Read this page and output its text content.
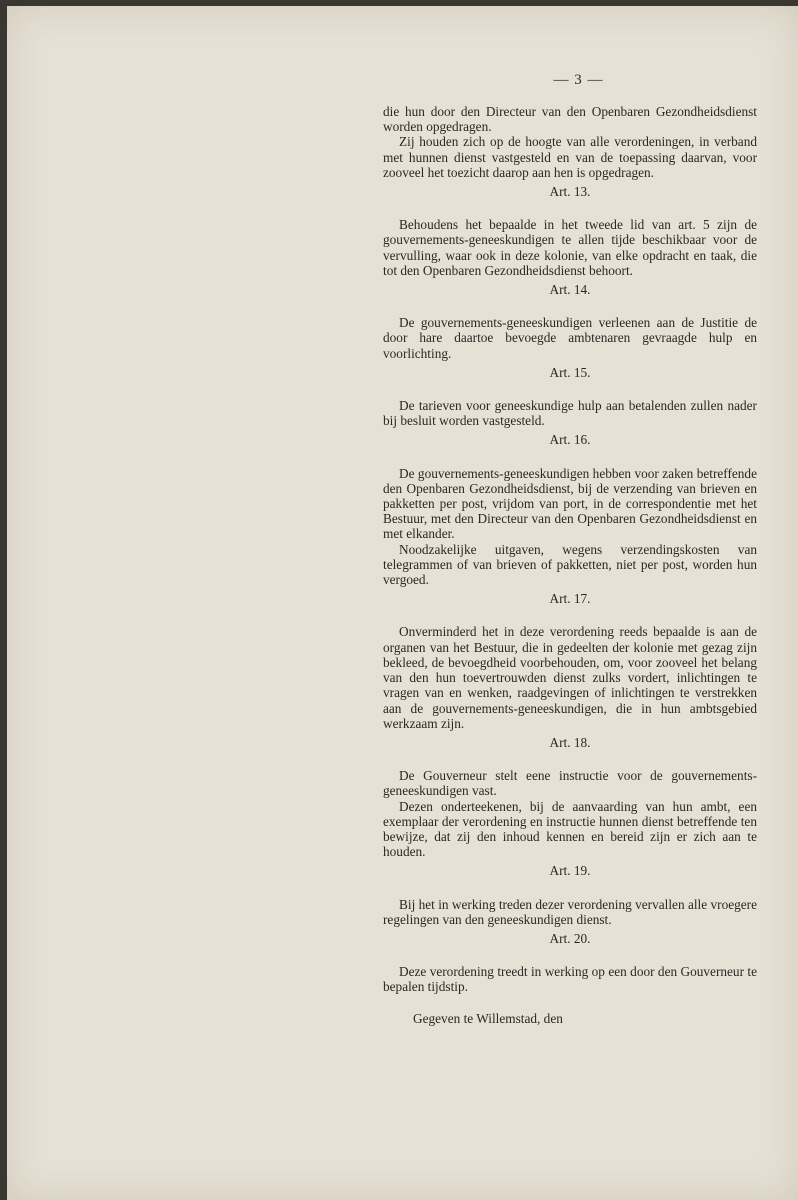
— 3 —

die hun door den Directeur van den Openbaren Gezondheidsdienst worden opgedragen.

Zij houden zich op de hoogte van alle verordeningen, in verband met hunnen dienst vastgesteld en van de toepassing daarvan, voor zooveel het toezicht daarop aan hen is opgedragen.

Art. 13.

Behoudens het bepaalde in het tweede lid van art. 5 zijn de gouvernements-geneeskundigen te allen tijde beschikbaar voor de vervulling, waar ook in deze kolonie, van elke opdracht en taak, die tot den Openbaren Gezondheidsdienst behoort.

Art. 14.

De gouvernements-geneeskundigen verleenen aan de Justitie de door hare daartoe bevoegde ambtenaren gevraagde hulp en voorlichting.

Art. 15.

De tarieven voor geneeskundige hulp aan betalenden zullen nader bij besluit worden vastgesteld.

Art. 16.

De gouvernements-geneeskundigen hebben voor zaken betreffende den Openbaren Gezondheidsdienst, bij de verzending van brieven en pakketten per post, vrijdom van port, in de correspondentie met het Bestuur, met den Directeur van den Openbaren Gezondheidsdienst en met elkander.

Noodzakelijke uitgaven, wegens verzendingskosten van telegrammen of van brieven of pakketten, niet per post, worden hun vergoed.

Art. 17.

Onverminderd het in deze verordening reeds bepaalde is aan de organen van het Bestuur, die in gedeelten der kolonie met gezag zijn bekleed, de bevoegdheid voorbehouden, om, voor zooveel het belang van den hun toevertrouwden dienst zulks vordert, inlichtingen te vragen van en wenken, raadgevingen of inlichtingen te verstrekken aan de gouvernements-geneeskundigen, die in hun ambtsgebied werkzaam zijn.

Art. 18.

De Gouverneur stelt eene instructie voor de gouvernements-geneeskundigen vast.

Dezen onderteekenen, bij de aanvaarding van hun ambt, een exemplaar der verordening en instructie hunnen dienst betreffende ten bewijze, dat zij den inhoud kennen en bereid zijn er zich aan te houden.

Art. 19.

Bij het in werking treden dezer verordening vervallen alle vroegere regelingen van den geneeskundigen dienst.

Art. 20.

Deze verordening treedt in werking op een door den Gouverneur te bepalen tijdstip.

Gegeven te Willemstad, den
